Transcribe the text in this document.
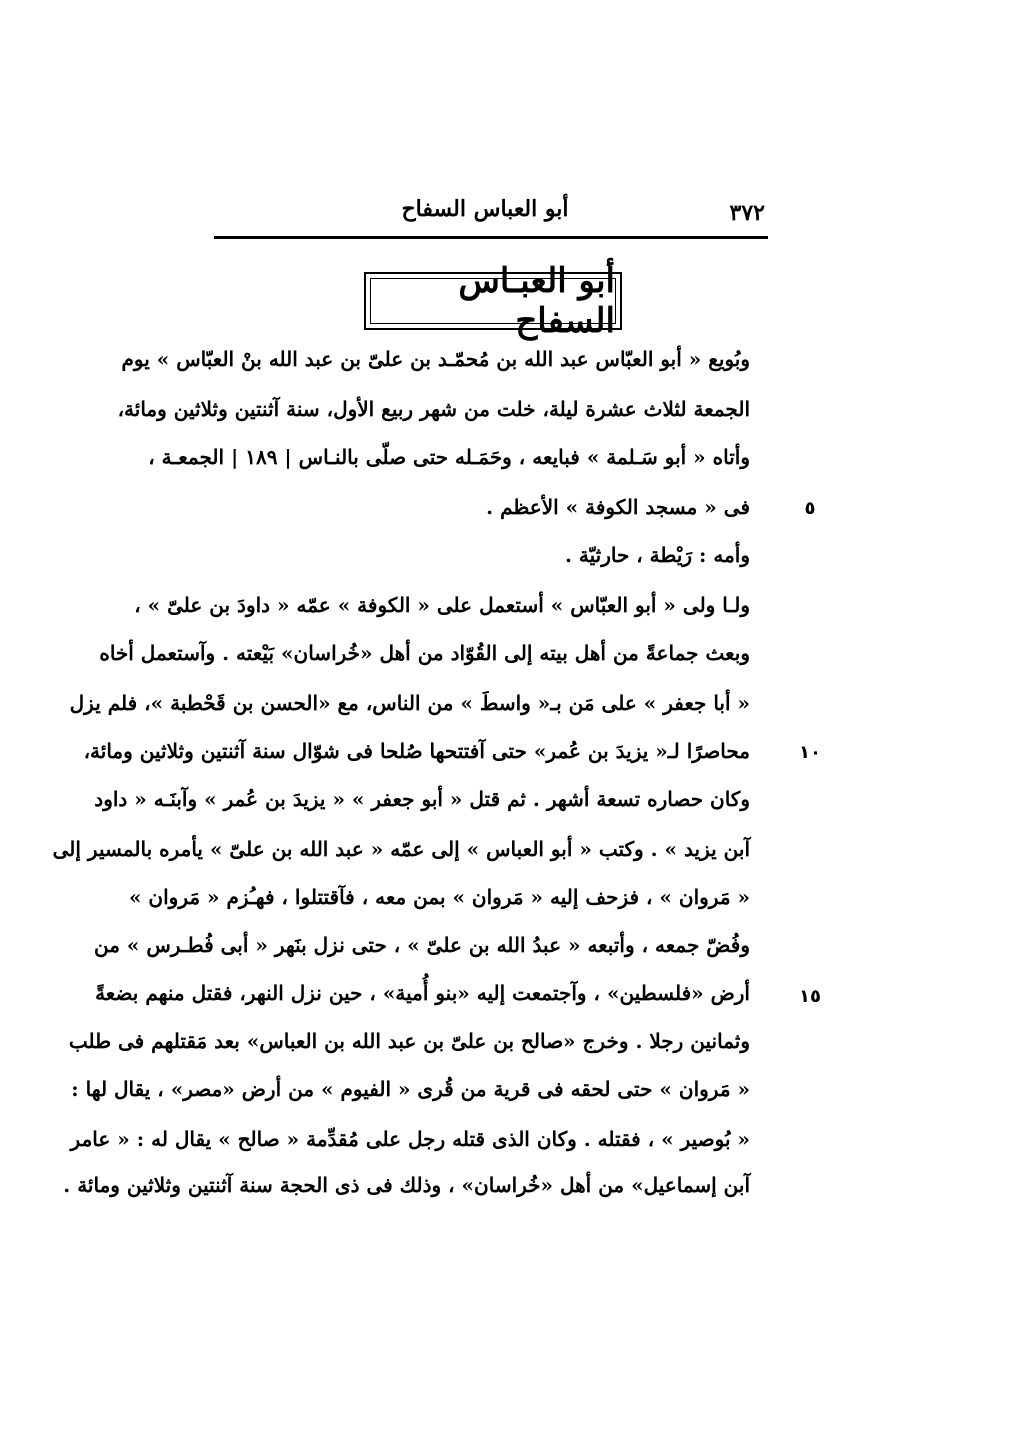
٣٧٢
أبو العباس السفاح
أبو العبـاس السفاح
وبُويع « أبو العبّاس عبد الله بن مُحمّـد بن علىّ بن عبد الله بنْ العبّاس » يوم
الجمعة لثلاث عشرة ليلة، خلت من شهر ربيع الأول، سنة آثنتين وثلاثين ومائة،
وأتاه « أبو سَـلمة » فبايعه ، وحَمَـله حتى صلّى بالنـاس | ١٨٩ | الجمعـة ،
فى « مسجد الكوفة » الأعظم .
وأمه : رَيْطة ، حارثيّة .
ولـا ولى « أبو العبّاس » أستعمل على « الكوفة » عمّه « داودَ بن علىّ » ،
وبعث جماعةً من أهل بيته إلى القُوّاد من أهل «خُراسان» بَيْعته . وآستعمل أخاه
« أبا جعفر » على مَن بـ« واسطَ » من الناس، مع «الحسن بن قَحْطبة »، فلم يزل
محاصرًا لـ« يزيدَ بن عُمر» حتى آفتتحها صُلحا فى شوّال سنة آثنتين وثلاثين ومائة،
وكان حصاره تسعة أشهر . ثم قتل « أبو جعفر » « يزيدَ بن عُمر » وآبنَـه « داود
آبن يزيد » . وكتب « أبو العباس » إلى عمّه « عبد الله بن علىّ » يأمره بالمسير إلى
« مَروان » ، فزحف إليه « مَروان » بمن معه ، فآقتتلوا ، فهـُزم « مَروان »
وفُضّ جمعه ، وأتبعه « عبدُ الله بن علىّ » ، حتى نزل بنَهر « أبى فُطـرس » من
أرض «فلسطين» ، وآجتمعت إليه «بنو أُمية» ، حين نزل النهر، فقتل منهم بضعةً
وثمانين رجلا . وخرج «صالح بن علىّ بن عبد الله بن العباس» بعد مَقتلهم فى طلب
« مَروان » حتى لحقه فى قرية من قُرى « الفيوم » من أرض «مصر» ، يقال لها :
« بُوصير » ، فقتله . وكان الذى قتله رجل على مُقدِّمة « صالح » يقال له : « عامر
آبن إسماعيل» من أهل «خُراسان» ، وذلك فى ذى الحجة سنة آثنتين وثلاثين ومائة .
٥
١٠
١٥
